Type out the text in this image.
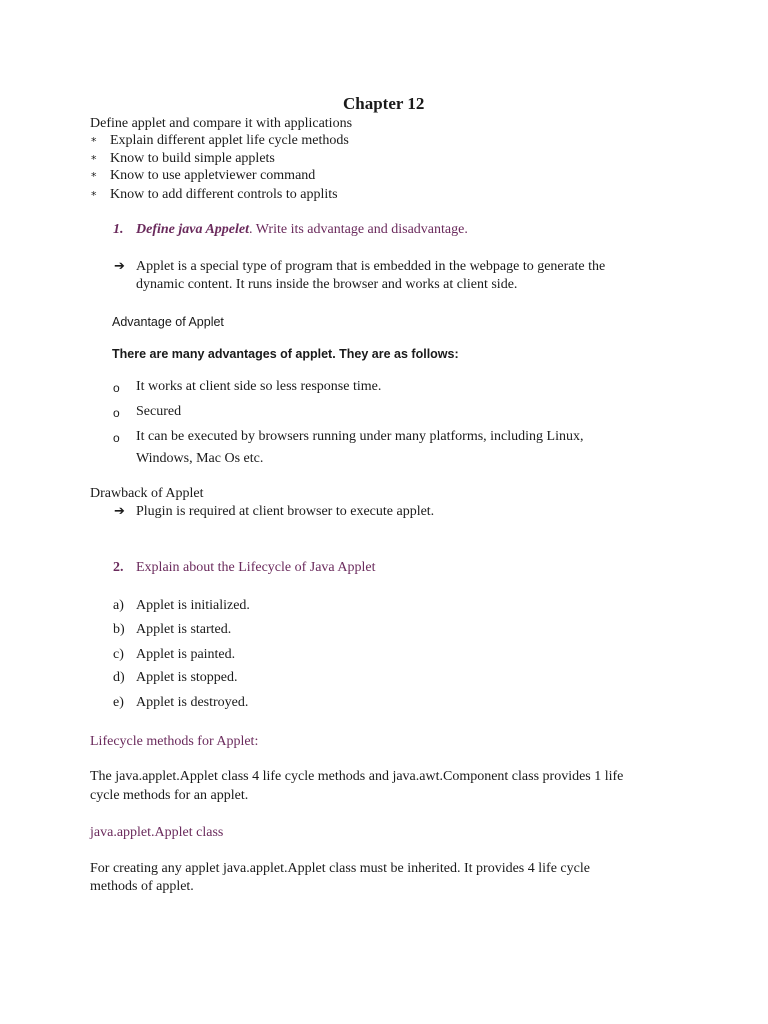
Chapter 12
Define applet and compare it with applications
* Explain different applet life cycle methods
* Know to build simple applets
* Know to use appletviewer command
* Know to add different controls to applits
1. Define java Appelet. Write its advantage and disadvantage.
➔ Applet is a special type of program that is embedded in the webpage to generate the
dynamic content. It runs inside the browser and works at client side.
Advantage of Applet
There are many advantages of applet. They are as follows:
o It works at client side so less response time.
o Secured
o It can be executed by browsers running under many platforms, including Linux,
Windows, Mac Os etc.
Drawback of Applet
➔ Plugin is required at client browser to execute applet.
2. Explain about the Lifecycle of Java Applet
a) Applet is initialized.
b) Applet is started.
c) Applet is painted.
d) Applet is stopped.
e) Applet is destroyed.
Lifecycle methods for Applet:
The java.applet.Applet class 4 life cycle methods and java.awt.Component class provides 1 life
cycle methods for an applet.
java.applet.Applet class
For creating any applet java.applet.Applet class must be inherited. It provides 4 life cycle
methods of applet.
